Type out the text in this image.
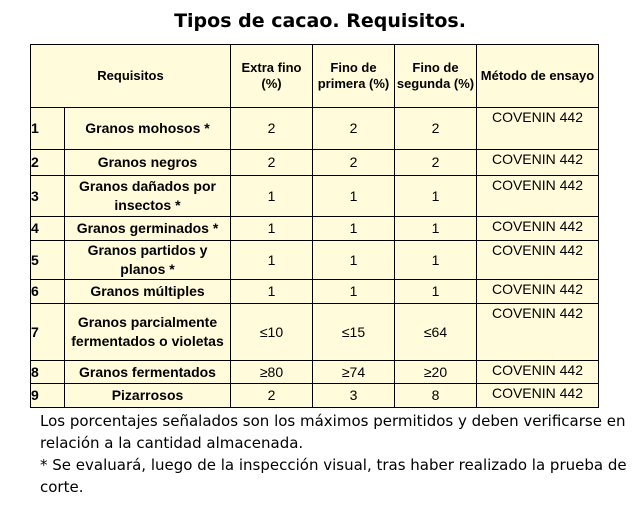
Tipos de cacao. Requisitos.
Requisitos		Extra fino (%)	Fino de primera (%)	Fino de segunda (%)	Método de ensayo
1	Granos mohosos *	2	2	2	COVENIN 442
2	Granos negros	2	2	2	COVENIN 442
3	Granos dañados por insectos *	1	1	1	COVENIN 442
4	Granos germinados *	1	1	1	COVENIN 442
5	Granos partidos y planos *	1	1	1	COVENIN 442
6	Granos múltiples	1	1	1	COVENIN 442
7	Granos parcialmente fermentados o violetas	≤10	≤15	≤64	COVENIN 442
8	Granos fermentados	≥80	≥74	≥20	COVENIN 442
9	Pizarrosos	2	3	8	COVENIN 442

Los porcentajes señalados son los máximos permitidos y deben verificarse en relación a la cantidad almacenada.

* Se evaluará, luego de la inspección visual, tras haber realizado la prueba de corte.
